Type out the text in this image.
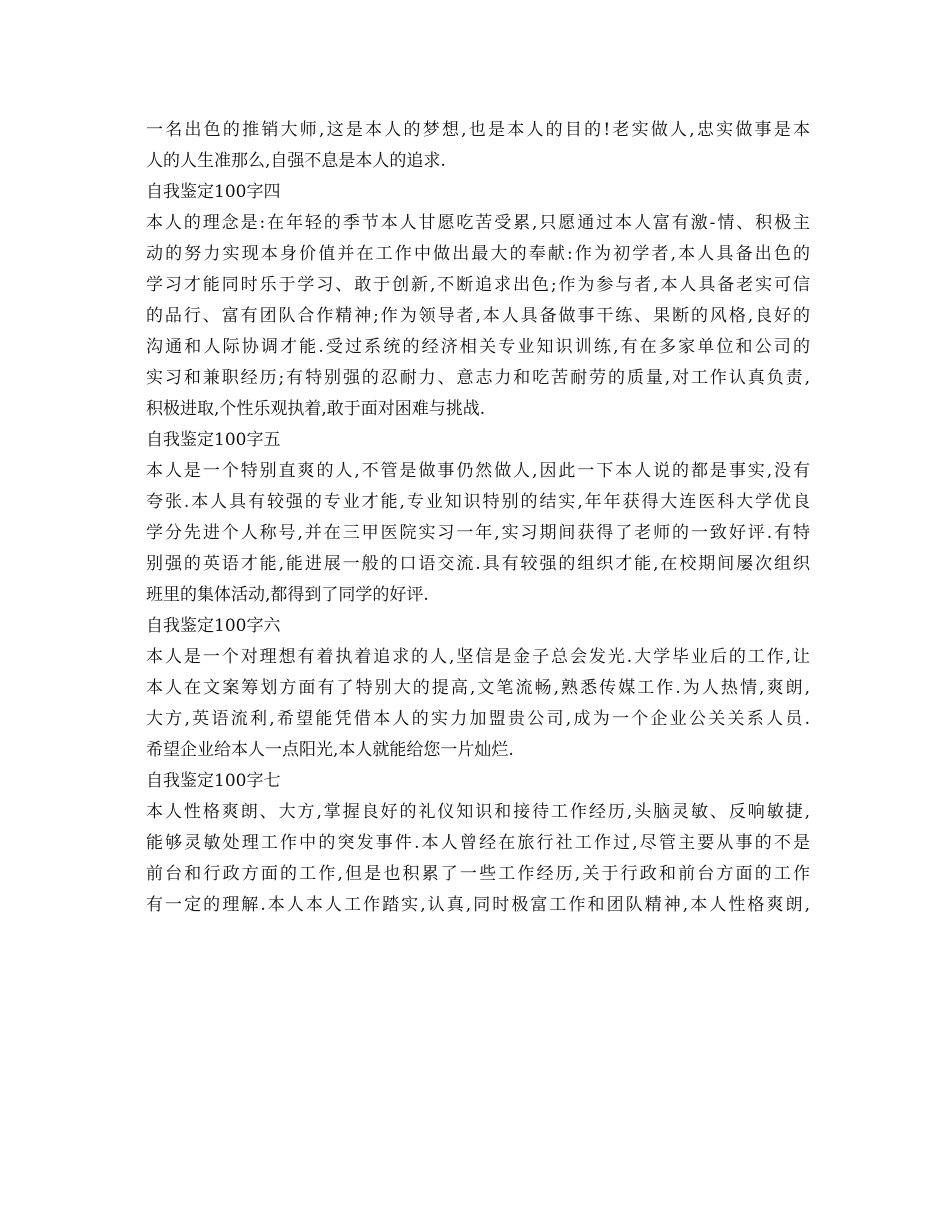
一名出色的推销大师,这是本人的梦想,也是本人的目的!老实做人,忠实做事是本
人的人生准那么,自强不息是本人的追求.
自我鉴定100字四
本人的理念是:在年轻的季节本人甘愿吃苦受累,只愿通过本人富有激-情、积极主
动的努力实现本身价值并在工作中做出最大的奉献:作为初学者,本人具备出色的
学习才能同时乐于学习、敢于创新,不断追求出色;作为参与者,本人具备老实可信
的品行、富有团队合作精神;作为领导者,本人具备做事干练、果断的风格,良好的
沟通和人际协调才能.受过系统的经济相关专业知识训练,有在多家单位和公司的
实习和兼职经历;有特别强的忍耐力、意志力和吃苦耐劳的质量,对工作认真负责,
积极进取,个性乐观执着,敢于面对困难与挑战.
自我鉴定100字五
本人是一个特别直爽的人,不管是做事仍然做人,因此一下本人说的都是事实,没有
夸张.本人具有较强的专业才能,专业知识特别的结实,年年获得大连医科大学优良
学分先进个人称号,并在三甲医院实习一年,实习期间获得了老师的一致好评.有特
别强的英语才能,能进展一般的口语交流.具有较强的组织才能,在校期间屡次组织
班里的集体活动,都得到了同学的好评.
自我鉴定100字六
本人是一个对理想有着执着追求的人,坚信是金子总会发光.大学毕业后的工作,让
本人在文案筹划方面有了特别大的提高,文笔流畅,熟悉传媒工作.为人热情,爽朗,
大方,英语流利,希望能凭借本人的实力加盟贵公司,成为一个企业公关关系人员.
希望企业给本人一点阳光,本人就能给您一片灿烂.
自我鉴定100字七
本人性格爽朗、大方,掌握良好的礼仪知识和接待工作经历,头脑灵敏、反响敏捷,
能够灵敏处理工作中的突发事件.本人曾经在旅行社工作过,尽管主要从事的不是
前台和行政方面的工作,但是也积累了一些工作经历,关于行政和前台方面的工作
有一定的理解.本人本人工作踏实,认真,同时极富工作和团队精神,本人性格爽朗,
